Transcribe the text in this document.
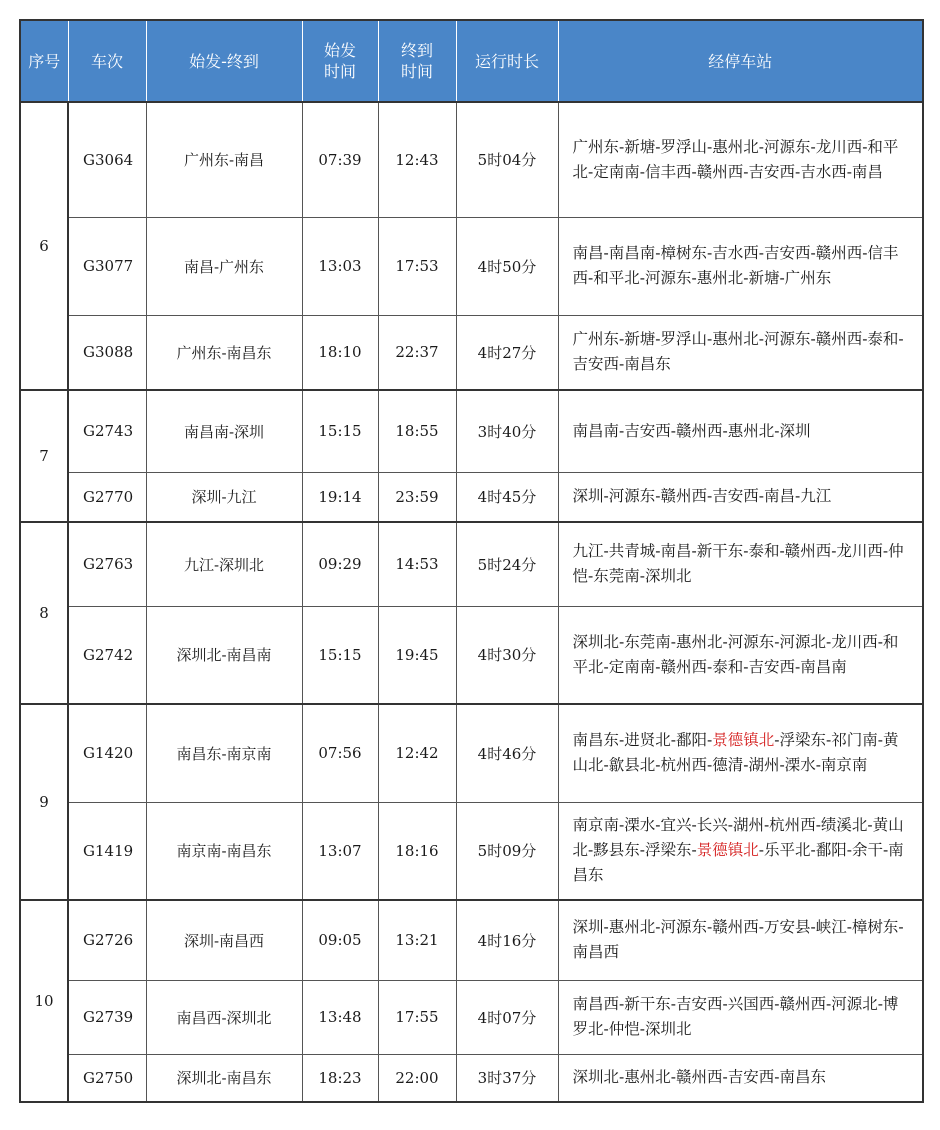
序号	车次	始发-终到	始发时间	终到时间	运行时长	经停车站
6	G3064	广州东-南昌	07:39	12:43	5时04分	广州东-新塘-罗浮山-惠州北-河源东-龙川西-和平北-定南南-信丰西-赣州西-吉安西-吉水西-南昌
	G3077	南昌-广州东	13:03	17:53	4时50分	南昌-南昌南-樟树东-吉水西-吉安西-赣州西-信丰西-和平北-河源东-惠州北-新塘-广州东
	G3088	广州东-南昌东	18:10	22:37	4时27分	广州东-新塘-罗浮山-惠州北-河源东-赣州西-泰和-吉安西-南昌东
7	G2743	南昌南-深圳	15:15	18:55	3时40分	南昌南-吉安西-赣州西-惠州北-深圳
	G2770	深圳-九江	19:14	23:59	4时45分	深圳-河源东-赣州西-吉安西-南昌-九江
8	G2763	九江-深圳北	09:29	14:53	5时24分	九江-共青城-南昌-新干东-泰和-赣州西-龙川西-仲恺-东莞南-深圳北
	G2742	深圳北-南昌南	15:15	19:45	4时30分	深圳北-东莞南-惠州北-河源东-河源北-龙川西-和平北-定南南-赣州西-泰和-吉安西-南昌南
9	G1420	南昌东-南京南	07:56	12:42	4时46分	南昌东-进贤北-鄱阳-景德镇北-浮梁东-祁门南-黄山北-歙县北-杭州西-德清-湖州-溧水-南京南
	G1419	南京南-南昌东	13:07	18:16	5时09分	南京南-溧水-宜兴-长兴-湖州-杭州西-绩溪北-黄山北-黟县东-浮梁东-景德镇北-乐平北-鄱阳-余干-南昌东
10	G2726	深圳-南昌西	09:05	13:21	4时16分	深圳-惠州北-河源东-赣州西-万安县-峡江-樟树东-南昌西
	G2739	南昌西-深圳北	13:48	17:55	4时07分	南昌西-新干东-吉安西-兴国西-赣州西-河源北-博罗北-仲恺-深圳北
	G2750	深圳北-南昌东	18:23	22:00	3时37分	深圳北-惠州北-赣州西-吉安西-南昌东
